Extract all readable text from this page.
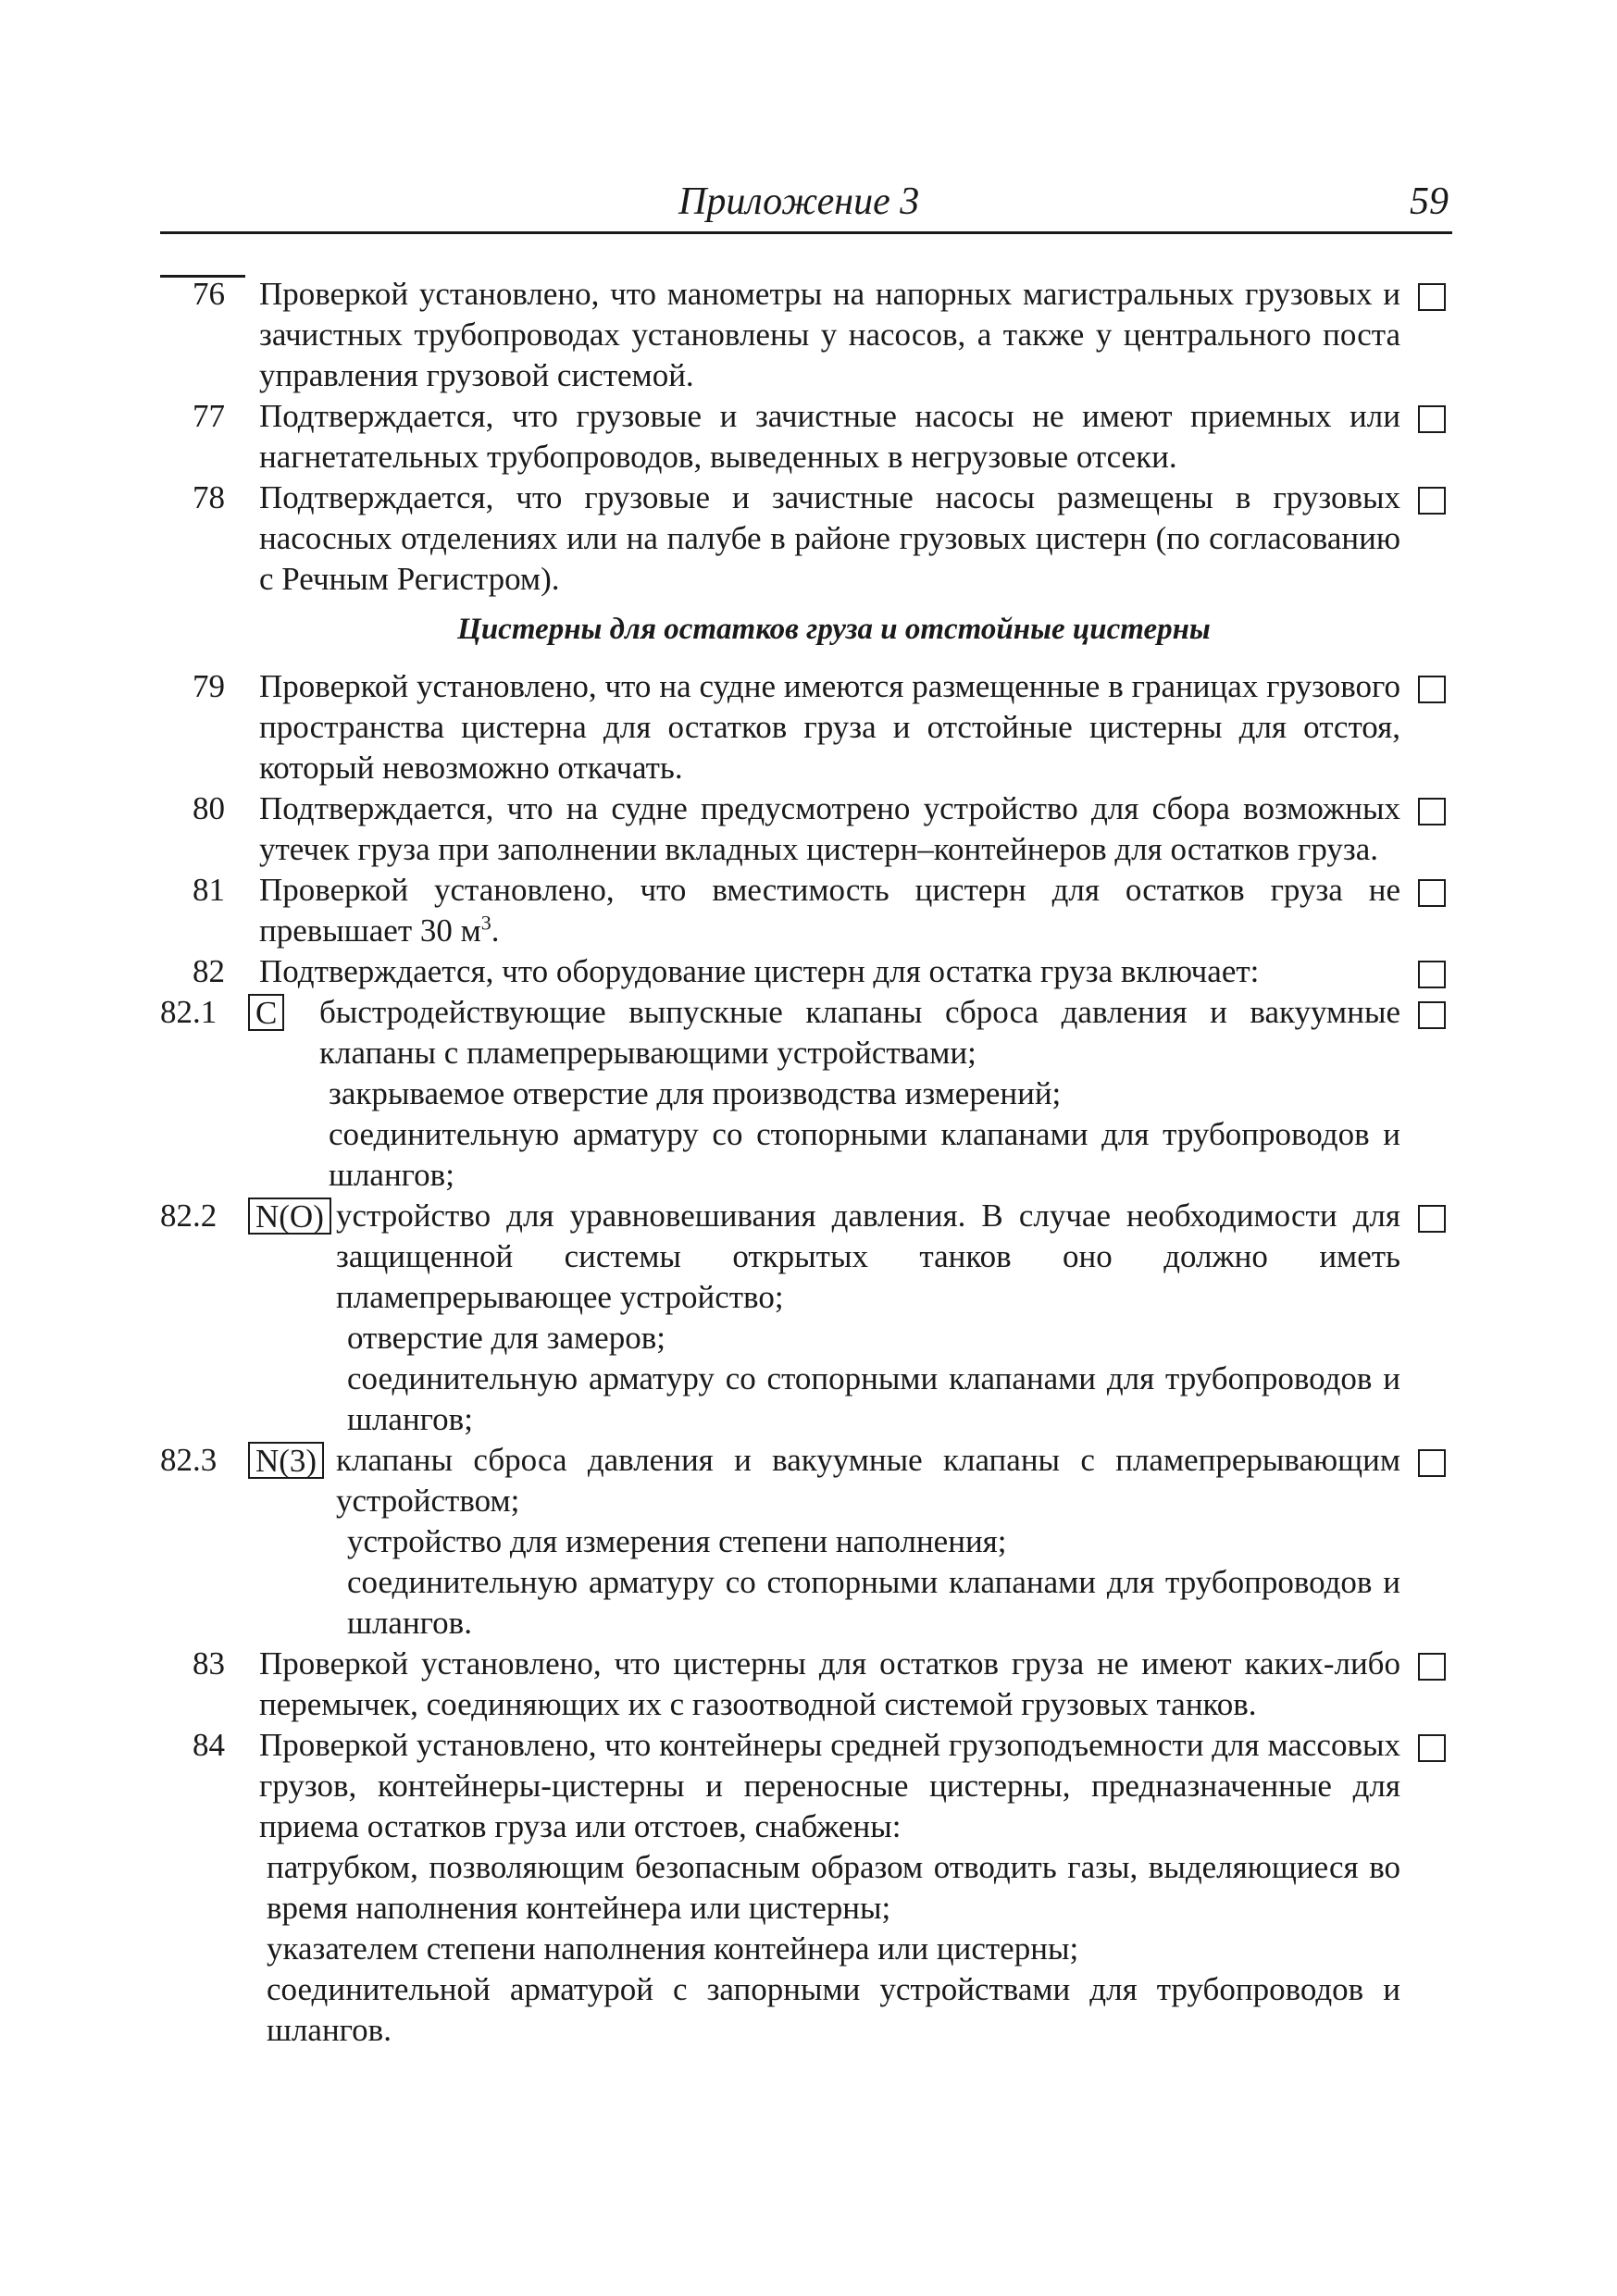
Приложение 3	59
76 Проверкой установлено, что манометры на напорных магистральных грузовых и зачистных трубопроводах установлены у насосов, а также у центрального поста управления грузовой системой.
77 Подтверждается, что грузовые и зачистные насосы не имеют приемных или нагнетательных трубопроводов, выведенных в негрузовые отсеки.
78 Подтверждается, что грузовые и зачистные насосы размещены в грузовых насосных отделениях или на палубе в районе грузовых цистерн (по согласованию с Речным Регистром).
Цистерны для остатков груза и отстойные цистерны
79 Проверкой установлено, что на судне имеются размещенные в границах грузового пространства цистерна для остатков груза и отстойные цистерны для отстоя, который невозможно откачать.
80 Подтверждается, что на судне предусмотрено устройство для сбора возможных утечек груза при заполнении вкладных цистерн–контейнеров для остатков груза.
81 Проверкой установлено, что вместимость цистерн для остатков груза не превышает 30 $м^3$.
82 Подтверждается, что оборудование цистерн для остатка груза включает:
82.1 C быстродействующие выпускные клапаны сброса давления и вакуумные клапаны с пламепрерывающими устройствами;
закрываемое отверстие для производства измерений;
соединительную арматуру со стопорными клапанами для трубопроводов и шлангов;
82.2 N(O) устройство для уравновешивания давления. В случае необходимости для защищенной системы открытых танков оно должно иметь пламепрерывающее устройство;
отверстие для замеров;
соединительную арматуру со стопорными клапанами для трубопроводов и шлангов;
82.3 N(3) клапаны сброса давления и вакуумные клапаны с пламепрерывающим устройством;
устройство для измерения степени наполнения;
соединительную арматуру со стопорными клапанами для трубопроводов и шлангов.
83 Проверкой установлено, что цистерны для остатков груза не имеют каких-либо перемычек, соединяющих их с газоотводной системой грузовых танков.
84 Проверкой установлено, что контейнеры средней грузоподъемности для массовых грузов, контейнеры-цистерны и переносные цистерны, предназначенные для приема остатков груза или отстоев, снабжены:
патрубком, позволяющим безопасным образом отводить газы, выделяющиеся во время наполнения контейнера или цистерны;
указателем степени наполнения контейнера или цистерны;
соединительной арматурой с запорными устройствами для трубопроводов и шлангов.
